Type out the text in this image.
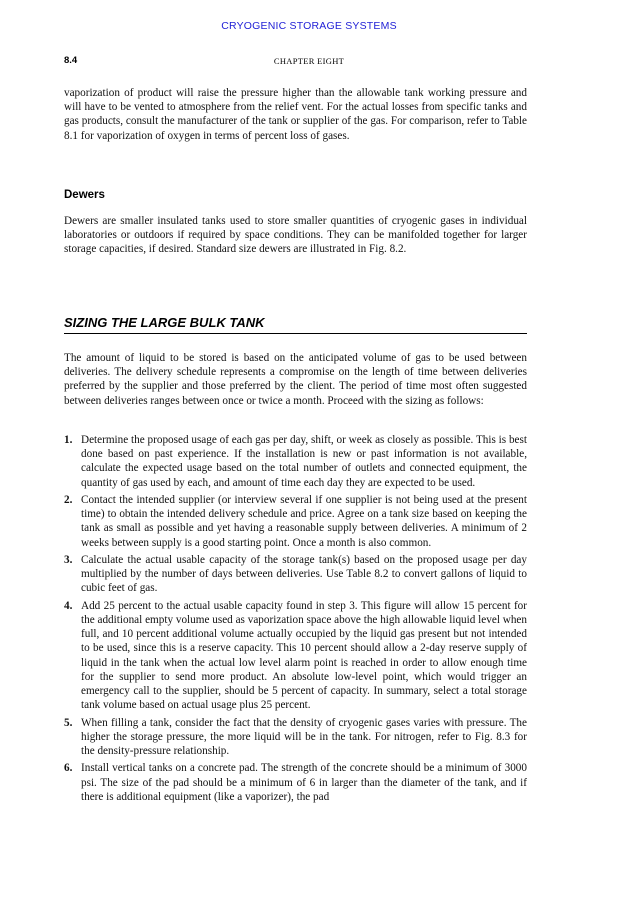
CRYOGENIC STORAGE SYSTEMS
8.4	CHAPTER EIGHT

vaporization of product will raise the pressure higher than the allowable tank working pressure and will have to be vented to atmosphere from the relief vent. For the actual losses from specific tanks and gas products, consult the manufacturer of the tank or supplier of the gas. For comparison, refer to Table 8.1 for vaporization of oxygen in terms of percent loss of gases.

Dewers

Dewers are smaller insulated tanks used to store smaller quantities of cryogenic gases in individual laboratories or outdoors if required by space conditions. They can be manifolded together for larger storage capacities, if desired. Standard size dewers are illustrated in Fig. 8.2.

SIZING THE LARGE BULK TANK

The amount of liquid to be stored is based on the anticipated volume of gas to be used between deliveries. The delivery schedule represents a compromise on the length of time between deliveries preferred by the supplier and those preferred by the client. The period of time most often suggested between deliveries ranges between once or twice a month. Proceed with the sizing as follows:

1. Determine the proposed usage of each gas per day, shift, or week as closely as possible. This is best done based on past experience. If the installation is new or past information is not available, calculate the expected usage based on the total number of outlets and connected equipment, the quantity of gas used by each, and amount of time each day they are expected to be used.
2. Contact the intended supplier (or interview several if one supplier is not being used at the present time) to obtain the intended delivery schedule and price. Agree on a tank size based on keeping the tank as small as possible and yet having a reasonable supply between deliveries. A minimum of 2 weeks between supply is a good starting point. Once a month is also common.
3. Calculate the actual usable capacity of the storage tank(s) based on the proposed usage per day multiplied by the number of days between deliveries. Use Table 8.2 to convert gallons of liquid to cubic feet of gas.
4. Add 25 percent to the actual usable capacity found in step 3. This figure will allow 15 percent for the additional empty volume used as vaporization space above the high allowable liquid level when full, and 10 percent additional volume actually occupied by the liquid gas present but not intended to be used, since this is a reserve capacity. This 10 percent should allow a 2-day reserve supply of liquid in the tank when the actual low level alarm point is reached in order to allow enough time for the supplier to send more product. An absolute low-level point, which would trigger an emergency call to the supplier, should be 5 percent of capacity. In summary, select a total storage tank volume based on actual usage plus 25 percent.
5. When filling a tank, consider the fact that the density of cryogenic gases varies with pressure. The higher the storage pressure, the more liquid will be in the tank. For nitrogen, refer to Fig. 8.3 for the density-pressure relationship.
6. Install vertical tanks on a concrete pad. The strength of the concrete should be a minimum of 3000 psi. The size of the pad should be a minimum of 6 in larger than the diameter of the tank, and if there is additional equipment (like a vaporizer), the pad
